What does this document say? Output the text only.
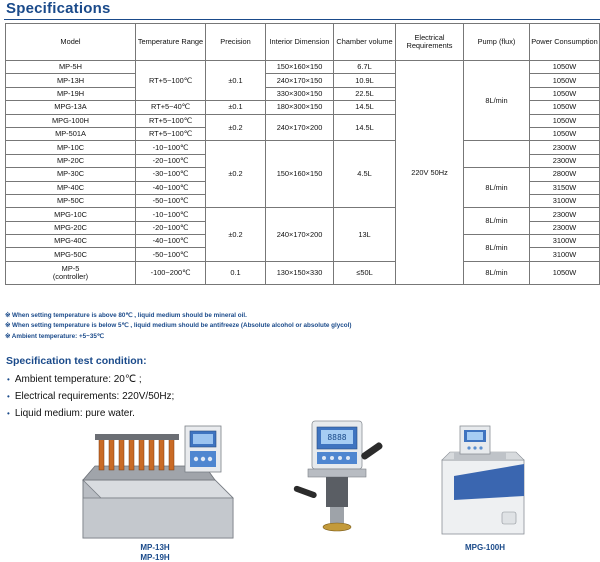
Specifications
Model	Temperature Range	Precision	Interior Dimension	Chamber volume	Electrical Requirements	Pump (flux)	Power Consumption
MP-5H	RT+5~100℃	±0.1	150×160×150	6.7L	220V 50Hz	8L/min	1050W
MP-13H			240×170×150	10.9L			1050W
MP-19H			330×300×150	22.5L			1050W
MPG-13A	RT+5~40℃	±0.1	180×300×150	14.5L			1050W
MPG-100H	RT+5~100℃	±0.2	240×170×200	14.5L			1050W
MP-501A	RT+5~100℃						1050W
MP-10C	-10~100℃	±0.2	150×160×150	4.5L			2300W
MP-20C	-20~100℃						2300W
MP-30C	-30~100℃					8L/min	2800W
MP-40C	-40~100℃						3150W
MP-50C	-50~100℃						3100W
MPG-10C	-10~100℃	±0.2	240×170×200	13L		8L/min	2300W
MPG-20C	-20~100℃						2300W
MPG-40C	-40~100℃					8L/min	3100W
MPG-50C	-50~100℃						3100W
MP-5 (controller)	-100~200℃	0.1	130×150×330	≤50L		8L/min	1050W
※ When setting temperature is above 80℃ , liquid medium should be mineral oil.
※ When setting temperature is below 5℃ , liquid medium should be antifreeze (Absolute alcohol or absolute glycol)
※ Ambient temperature: +5~35℃
Specification test condition:
• Ambient temperature: 20℃ ;
• Electrical requirements: 220V/50Hz;
• Liquid medium: pure water.
MP-13H
MP-19H
8888
MPG-100H
